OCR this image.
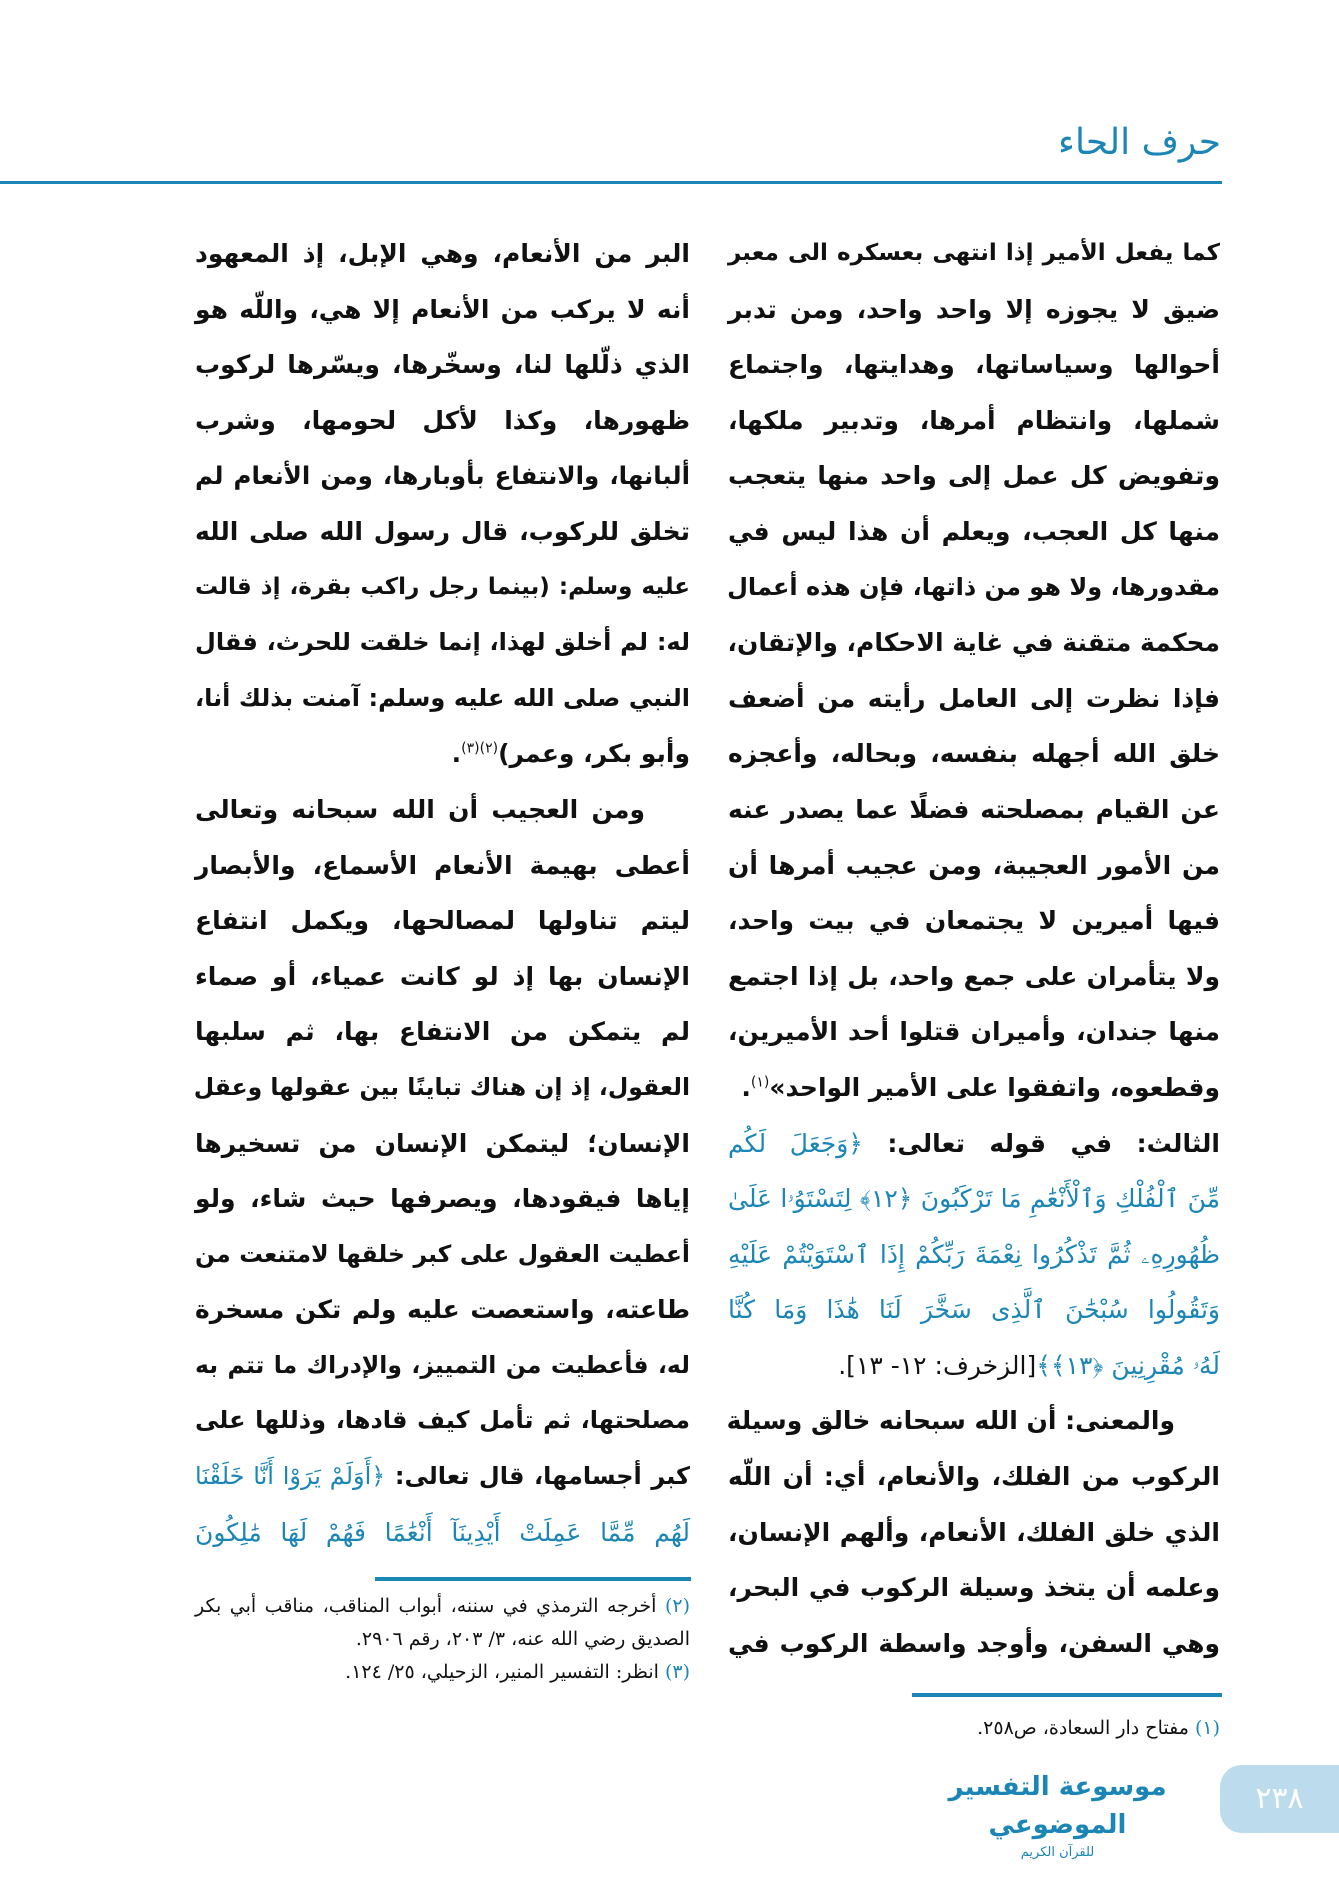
حرف الحاء
كما يفعل الأمير إذا انتهى بعسكره الى معبر
ضيق لا يجوزه إلا واحد واحد، ومن تدبر
أحوالها وسياساتها، وهدايتها، واجتماع
شملها، وانتظام أمرها، وتدبير ملكها،
وتفويض كل عمل إلى واحد منها يتعجب
منها كل العجب، ويعلم أن هذا ليس في
مقدورها، ولا هو من ذاتها، فإن هذه أعمال
محكمة متقنة في غاية الاحكام، والإتقان،
فإذا نظرت إلى العامل رأيته من أضعف
خلق الله أجهله بنفسه، وبحاله، وأعجزه
عن القيام بمصلحته فضلًا عما يصدر عنه
من الأمور العجيبة، ومن عجيب أمرها أن
فيها أميرين لا يجتمعان في بيت واحد،
ولا يتأمران على جمع واحد، بل إذا اجتمع
منها جندان، وأميران قتلوا أحد الأميرين،
وقطعوه، واتفقوا على الأمير الواحد»$^{(١)}$.
الثالث: في قوله تعالى: ﴿وَجَعَلَ لَكُم
مِّنَ ٱلْفُلْكِ وَٱلْأَنْعَٰمِ مَا تَرْكَبُونَ ﴿١٢﴾ لِتَسْتَوُۥا عَلَىٰ
ظُهُورِهِۦ ثُمَّ تَذْكُرُوا نِعْمَةَ رَبِّكُمْ إِذَا ٱسْتَوَيْتُمْ عَلَيْهِ
وَتَقُولُوا سُبْحَٰنَ ٱلَّذِى سَخَّرَ لَنَا هَٰذَا وَمَا كُنَّا
لَهُۥ مُقْرِنِينَ ﴿١٣﴾﴾[الزخرف: ١٢- ١٣].
والمعنى: أن الله سبحانه خالق وسيلة
الركوب من الفلك، والأنعام، أي: أن اللّه
الذي خلق الفلك، الأنعام، وألهم الإنسان،
وعلمه أن يتخذ وسيلة الركوب في البحر،
وهي السفن، وأوجد واسطة الركوب في
البر من الأنعام، وهي الإبل، إذ المعهود
أنه لا يركب من الأنعام إلا هي، واللّه هو
الذي ذلّلها لنا، وسخّرها، ويسّرها لركوب
ظهورها، وكذا لأكل لحومها، وشرب
ألبانها، والانتفاع بأوبارها، ومن الأنعام لم
تخلق للركوب، قال رسول الله صلى الله
عليه وسلم: (بينما رجل راكب بقرة، إذ قالت
له: لم أخلق لهذا، إنما خلقت للحرث، فقال
النبي صلى الله عليه وسلم: آمنت بذلك أنا،
وأبو بكر، وعمر)$^{(٢)(٣)}$.
ومن العجيب أن الله سبحانه وتعالى
أعطى بهيمة الأنعام الأسماع، والأبصار
ليتم تناولها لمصالحها، ويكمل انتفاع
الإنسان بها إذ لو كانت عمياء، أو صماء
لم يتمكن من الانتفاع بها، ثم سلبها
العقول، إذ إن هناك تباينًا بين عقولها وعقل
الإنسان؛ ليتمكن الإنسان من تسخيرها
إياها فيقودها، ويصرفها حيث شاء، ولو
أعطيت العقول على كبر خلقها لامتنعت من
طاعته، واستعصت عليه ولم تكن مسخرة
له، فأعطيت من التمييز، والإدراك ما تتم به
مصلحتها، ثم تأمل كيف قادها، وذللها على
كبر أجسامها، قال تعالى: ﴿أَوَلَمْ يَرَوْا أَنَّا خَلَقْنَا
لَهُم مِّمَّا عَمِلَتْ أَيْدِينَآ أَنْعَٰمًا فَهُمْ لَهَا مَٰلِكُونَ
(١) مفتاح دار السعادة، ص٢٥٨.
(٢) أخرجه الترمذي في سننه، أبواب المناقب، مناقب أبي بكر الصديق رضي الله عنه، ٣/ ٢٠٣، رقم ٢٩٠٦.
(٣) انظر: التفسير المنير، الزحيلي، ٢٥/ ١٢٤.
موسوعة التفسير الموضوعي
للقرآن الكريم
٢٣٨
